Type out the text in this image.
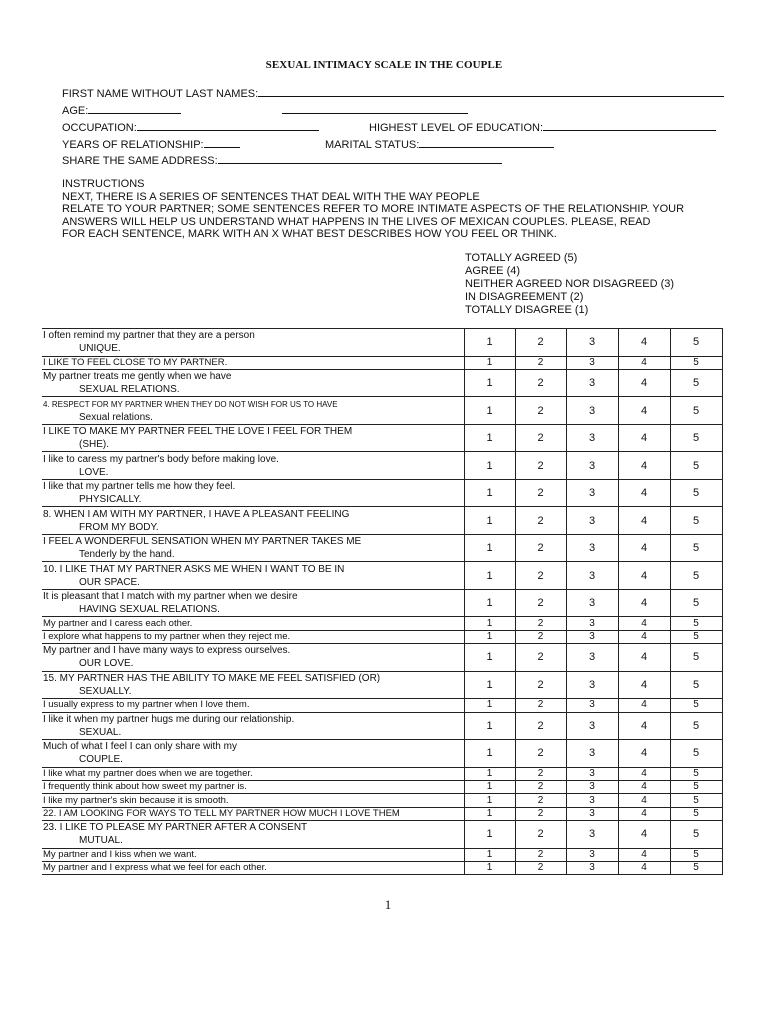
SEXUAL INTIMACY SCALE IN THE COUPLE
FIRST NAME WITHOUT LAST NAMES:
AGE:
OCCUPATION:	HIGHEST LEVEL OF EDUCATION:
YEARS OF RELATIONSHIP:	MARITAL STATUS:
SHARE THE SAME ADDRESS:
INSTRUCTIONS
NEXT, THERE IS A SERIES OF SENTENCES THAT DEAL WITH THE WAY PEOPLE
RELATE TO YOUR PARTNER; SOME SENTENCES REFER TO MORE INTIMATE ASPECTS OF THE RELATIONSHIP. YOUR
ANSWERS WILL HELP US UNDERSTAND WHAT HAPPENS IN THE LIVES OF MEXICAN COUPLES. PLEASE, READ
FOR EACH SENTENCE, MARK WITH AN X WHAT BEST DESCRIBES HOW YOU FEEL OR THINK.
TOTALLY AGREED (5)
AGREE (4)
NEITHER AGREED NOR DISAGREED (3)
IN DISAGREEMENT (2)
TOTALLY DISAGREE (1)
I often remind my partner that they are a person
UNIQUE.	1	2	3	4	5

I LIKE TO FEEL CLOSE TO MY PARTNER.	1	2	3	4	5

My partner treats me gently when we have
SEXUAL RELATIONS.	1	2	3	4	5

4. RESPECT FOR MY PARTNER WHEN THEY DO NOT WISH FOR US TO HAVE
Sexual relations.	1	2	3	4	5

I LIKE TO MAKE MY PARTNER FEEL THE LOVE I FEEL FOR THEM
(SHE).	1	2	3	4	5

I like to caress my partner's body before making love.
LOVE.	1	2	3	4	5

I like that my partner tells me how they feel.
PHYSICALLY.	1	2	3	4	5

8. WHEN I AM WITH MY PARTNER, I HAVE A PLEASANT FEELING
FROM MY BODY.	1	2	3	4	5

I FEEL A WONDERFUL SENSATION WHEN MY PARTNER TAKES ME
Tenderly by the hand.	1	2	3	4	5

10. I LIKE THAT MY PARTNER ASKS ME WHEN I WANT TO BE IN
OUR SPACE.	1	2	3	4	5

It is pleasant that I match with my partner when we desire
HAVING SEXUAL RELATIONS.	1	2	3	4	5

My partner and I caress each other.	1	2	3	4	5

I explore what happens to my partner when they reject me.	1	2	3	4	5

My partner and I have many ways to express ourselves.
OUR LOVE.	1	2	3	4	5

15. MY PARTNER HAS THE ABILITY TO MAKE ME FEEL SATISFIED (OR)
SEXUALLY.	1	2	3	4	5

I usually express to my partner when I love them.	1	2	3	4	5

I like it when my partner hugs me during our relationship.
SEXUAL.	1	2	3	4	5

Much of what I feel I can only share with my
COUPLE.	1	2	3	4	5

I like what my partner does when we are together.	1	2	3	4	5

I frequently think about how sweet my partner is.	1	2	3	4	5

I like my partner's skin because it is smooth.	1	2	3	4	5

22. I AM LOOKING FOR WAYS TO TELL MY PARTNER HOW MUCH I LOVE THEM	1	2	3	4	5

23. I LIKE TO PLEASE MY PARTNER AFTER A CONSENT
MUTUAL.	1	2	3	4	5

My partner and I kiss when we want.	1	2	3	4	5

My partner and I express what we feel for each other.	1	2	3	4	5
1
